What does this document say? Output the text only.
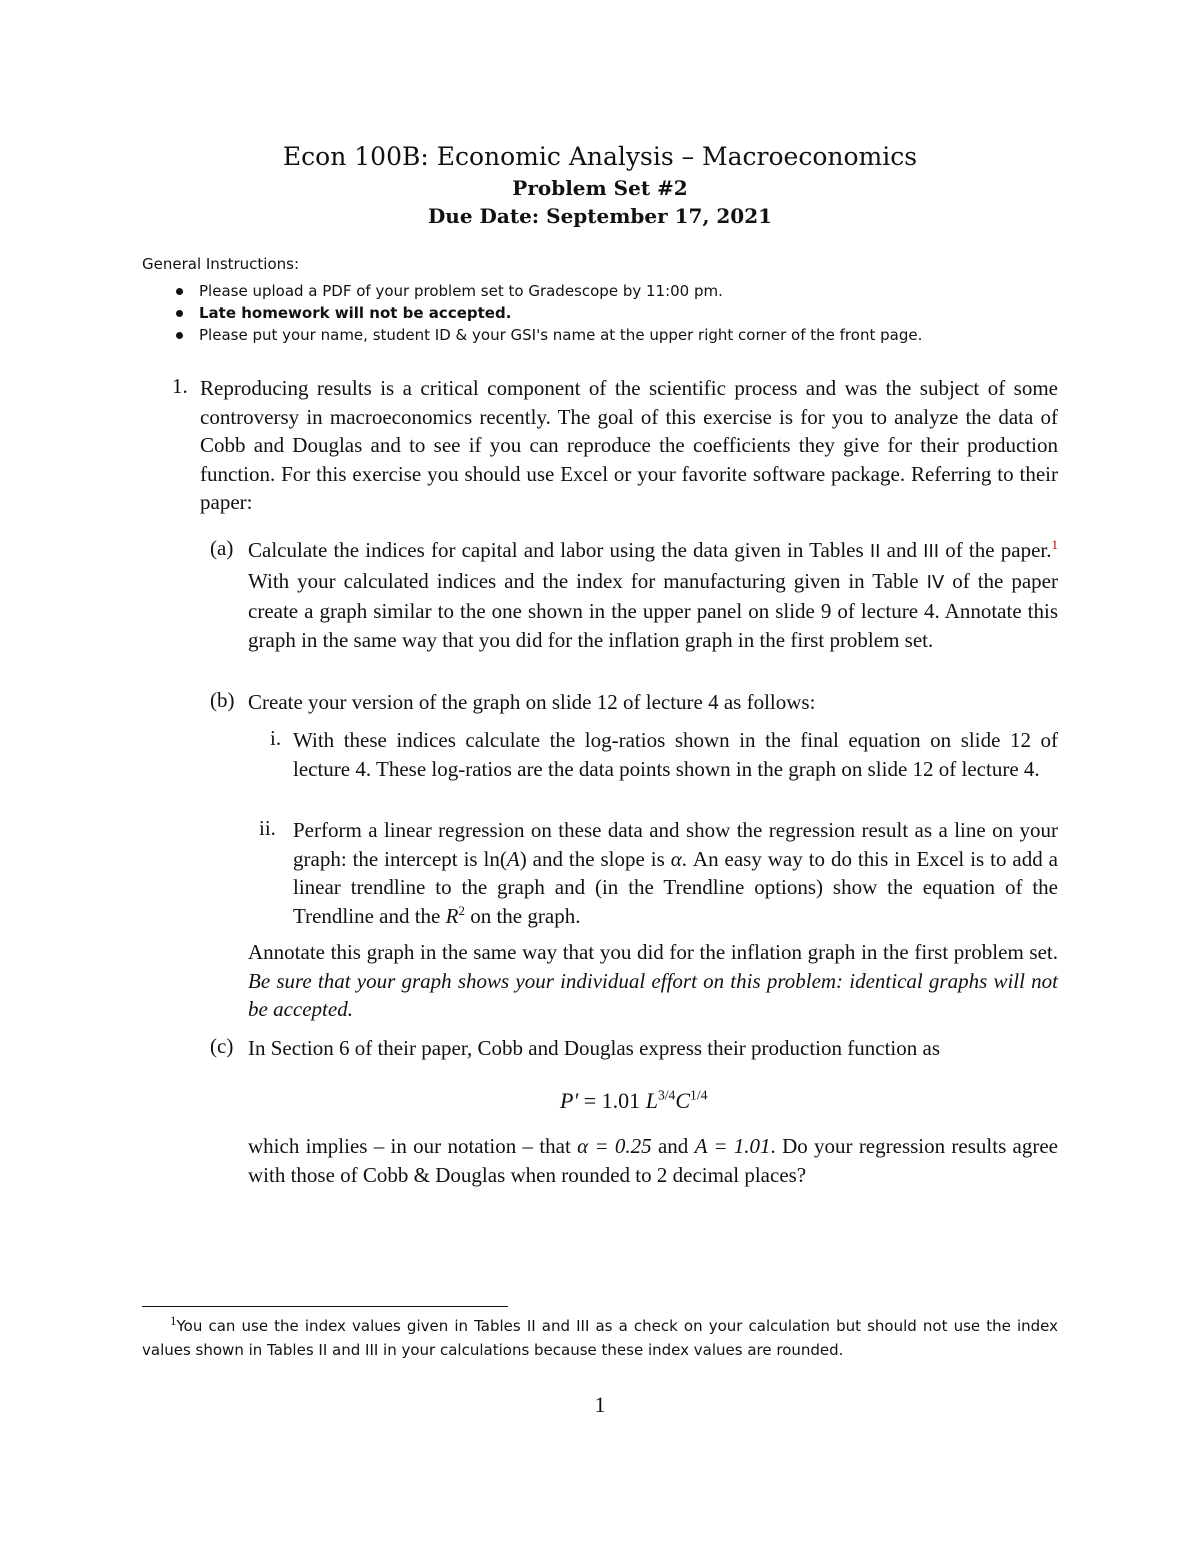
Econ 100B: Economic Analysis – Macroeconomics
Problem Set #2
Due Date: September 17, 2021
General Instructions:
Please upload a PDF of your problem set to Gradescope by 11:00 pm.
Late homework will not be accepted.
Please put your name, student ID & your GSI's name at the upper right corner of the front page.
1. Reproducing results is a critical component of the scientific process and was the subject of some controversy in macroeconomics recently. The goal of this exercise is for you to analyze the data of Cobb and Douglas and to see if you can reproduce the coefficients they give for their production function. For this exercise you should use Excel or your favorite software package. Referring to their paper:
(a) Calculate the indices for capital and labor using the data given in Tables II and III of the paper.$^1$ With your calculated indices and the index for manufacturing given in Table IV of the paper create a graph similar to the one shown in the upper panel on slide 9 of lecture 4. Annotate this graph in the same way that you did for the inflation graph in the first problem set.
(b) Create your version of the graph on slide 12 of lecture 4 as follows:
i. With these indices calculate the log-ratios shown in the final equation on slide 12 of lecture 4. These log-ratios are the data points shown in the graph on slide 12 of lecture 4.
ii. Perform a linear regression on these data and show the regression result as a line on your graph: the intercept is ln(A) and the slope is α. An easy way to do this in Excel is to add a linear trendline to the graph and (in the Trendline options) show the equation of the Trendline and the $R^2$ on the graph.
Annotate this graph in the same way that you did for the inflation graph in the first problem set. Be sure that your graph shows your individual effort on this problem: identical graphs will not be accepted.
(c) In Section 6 of their paper, Cobb and Douglas express their production function as
P′ = 1.01 $L^{3/4}C^{1/4}$
which implies – in our notation – that α = 0.25 and A = 1.01. Do your regression results agree with those of Cobb & Douglas when rounded to 2 decimal places?
$^1$You can use the index values given in Tables II and III as a check on your calculation but should not use the index values shown in Tables II and III in your calculations because these index values are rounded.
1
